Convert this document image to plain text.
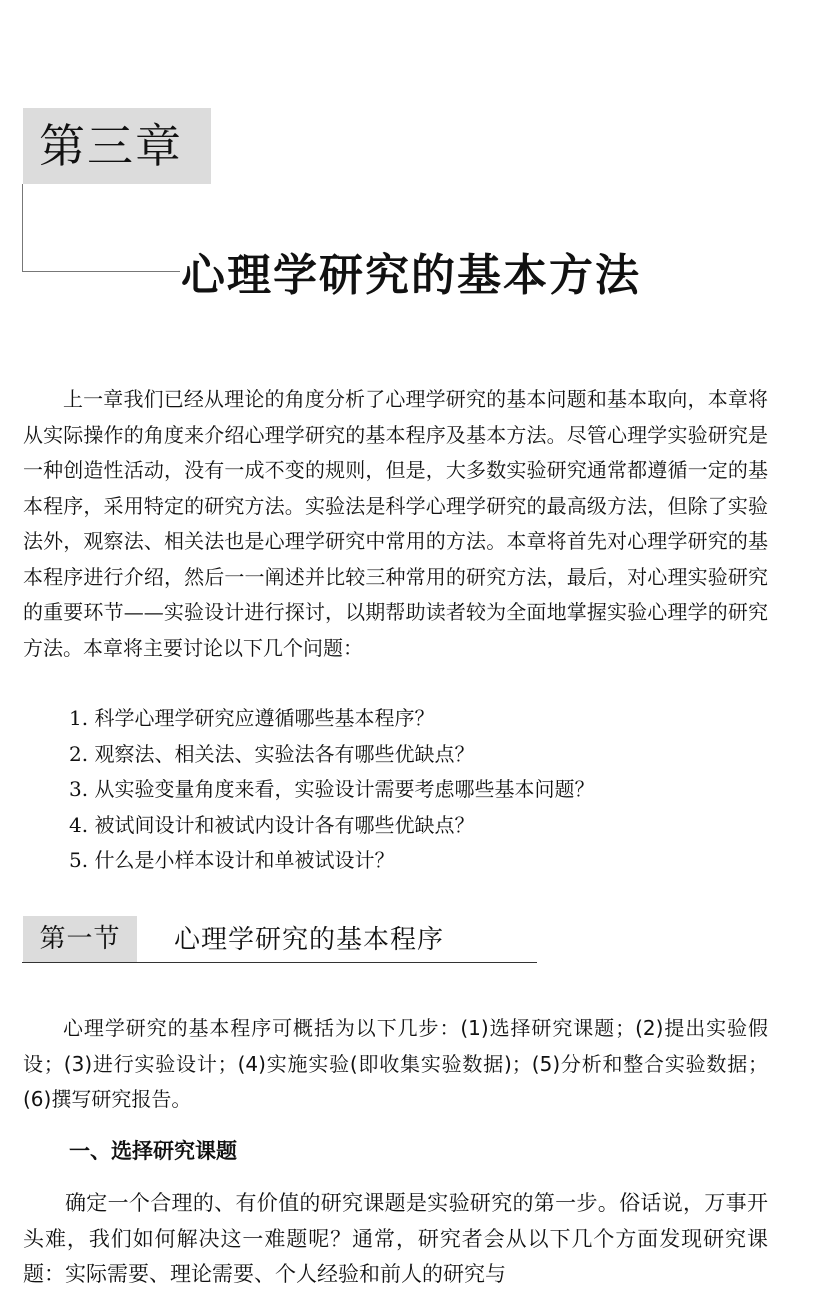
第三章
心理学研究的基本方法

上一章我们已经从理论的角度分析了心理学研究的基本问题和基本取向，本章将从实际操作的角度来介绍心理学研究的基本程序及基本方法。尽管心理学实验研究是一种创造性活动，没有一成不变的规则，但是，大多数实验研究通常都遵循一定的基本程序，采用特定的研究方法。实验法是科学心理学研究的最高级方法，但除了实验法外，观察法、相关法也是心理学研究中常用的方法。本章将首先对心理学研究的基本程序进行介绍，然后一一阐述并比较三种常用的研究方法，最后，对心理实验研究的重要环节——实验设计进行探讨，以期帮助读者较为全面地掌握实验心理学的研究方法。本章将主要讨论以下几个问题：

1. 科学心理学研究应遵循哪些基本程序？
2. 观察法、相关法、实验法各有哪些优缺点？
3. 从实验变量角度来看，实验设计需要考虑哪些基本问题？
4. 被试间设计和被试内设计各有哪些优缺点？
5. 什么是小样本设计和单被试设计？
第一节	心理学研究的基本程序

心理学研究的基本程序可概括为以下几步：(1)选择研究课题；(2)提出实验假设；(3)进行实验设计；(4)实施实验(即收集实验数据)；(5)分析和整合实验数据；(6)撰写研究报告。

一、选择研究课题

确定一个合理的、有价值的研究课题是实验研究的第一步。俗话说，万事开头难，我们如何解决这一难题呢？通常，研究者会从以下几个方面发现研究课题：实际需要、理论需要、个人经验和前人的研究与
